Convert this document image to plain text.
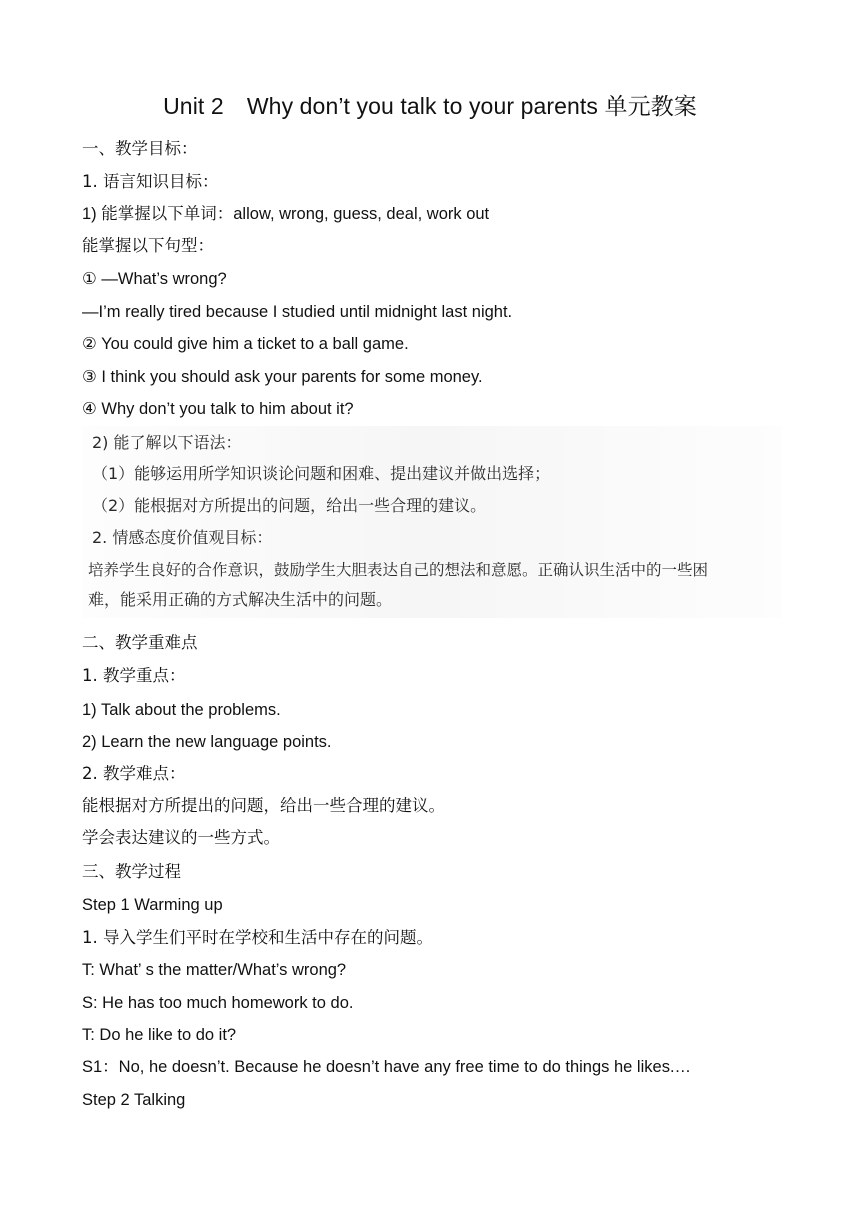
Unit 2　Why don’t you talk to your parents 单元教案
一、教学目标：
1. 语言知识目标：
1) 能掌握以下单词：allow, wrong, guess, deal, work out
能掌握以下句型：
① —What’s wrong?
—I’m really tired because I studied until midnight last night.
② You could give him a ticket to a ball game.
③ I think you should ask your parents for some money.
④ Why don’t you talk to him about it?
2) 能了解以下语法：
（1）能够运用所学知识谈论问题和困难、提出建议并做出选择；
（2）能根据对方所提出的问题，给出一些合理的建议。
2. 情感态度价值观目标：
培养学生良好的合作意识，鼓励学生大胆表达自己的想法和意愿。正确认识生活中的一些困
难，能采用正确的方式解决生活中的问题。
二、教学重难点
1. 教学重点：
1) Talk about the problems.
2) Learn the new language points.
2. 教学难点：
能根据对方所提出的问题，给出一些合理的建议。
学会表达建议的一些方式。
三、教学过程
Step 1 Warming up
1. 导入学生们平时在学校和生活中存在的问题。
T: What’ s the matter/What’s wrong?
S: He has too much homework to do.
T: Do he like to do it?
S1：No, he doesn’t. Because he doesn’t have any free time to do things he likes.…
Step 2 Talking
